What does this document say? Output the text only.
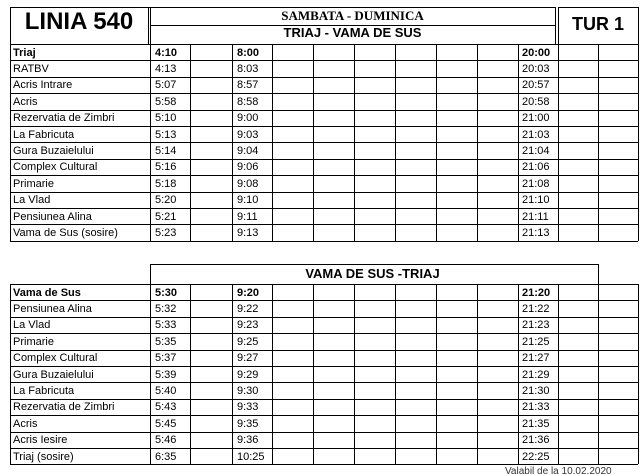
LINIA 540	SAMBATA - DUMINICA
TRIAJ - VAMA DE SUS	TUR 1
VAMA DE SUS -TRIAJ
Valabil de la 10.02.2020
Triaj	4:10	8:00	20:00
RATBV	4:13	8:03	20:03
Acris Intrare	5:07	8:57	20:57
Acris	5:58	8:58	20:58
Rezervatia de Zimbri	5:10	9:00	21:00
La Fabricuta	5:13	9:03	21:03
Gura Buzaielului	5:14	9:04	21:04
Complex Cultural	5:16	9:06	21:06
Primarie	5:18	9:08	21:08
La Vlad	5:20	9:10	21:10
Pensiunea Alina	5:21	9:11	21:11
Vama de Sus (sosire)	5:23	9:13	21:13
Vama de Sus	5:30	9:20	21:20
Pensiunea Alina	5:32	9:22	21:22
La Vlad	5:33	9:23	21:23
Primarie	5:35	9:25	21:25
Complex Cultural	5:37	9:27	21:27
Gura Buzaielului	5:39	9:29	21:29
La Fabricuta	5:40	9:30	21:30
Rezervatia de Zimbri	5:43	9:33	21:33
Acris	5:45	9:35	21:35
Acris Iesire	5:46	9:36	21:36
Triaj (sosire)	6:35	10:25	22:25
